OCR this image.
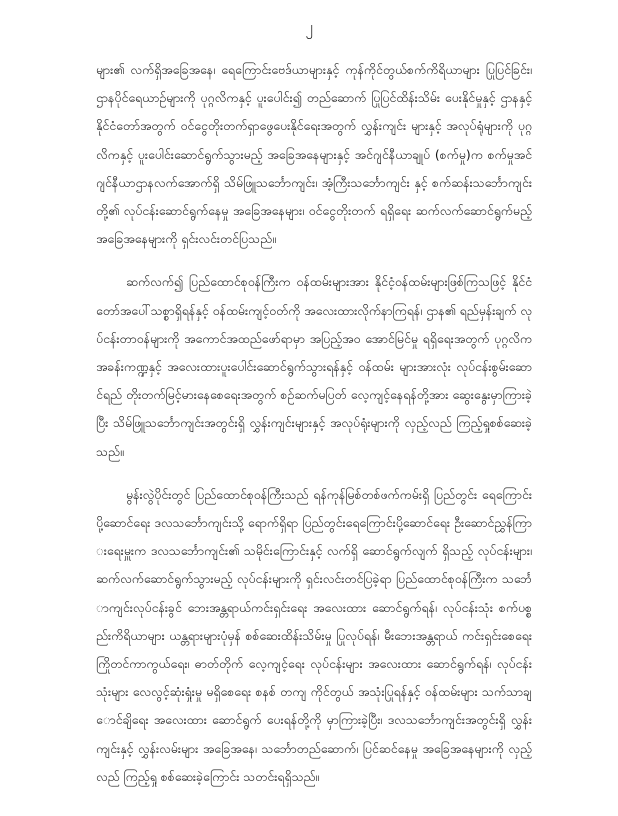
၂

များ၏ လက်ရှိအခြေအနေ၊ ရေကြောင်းဗေဒ်ယာများနှင့် ကုန်ကိုင်တွယ်စက်ကိရိယာများ ပြုပြင်ခြင်း၊ ဌာနပိုင်ရေယာဉ်များကို ပုဂ္ဂလိကနှင့် ပူးပေါင်း၍ တည်ဆောက် ပြုပြင်ထိန်းသိမ်း ပေးနိုင်မှုနှင့် ဌာနနှင့် နိုင်ငံတော်အတွက် ဝင်ငွေတိုးတက်ရှာဖွေပေးနိုင်ရေးအတွက် လွှန်းကျင်း များနှင့် အလုပ်ရုံများကို ပုဂ္ဂလိကနှင့် ပူးပေါင်းဆောင်ရွက်သွားမည့် အခြေအနေများနှင့် အင်ဂျင်နီယာချုပ် (စက်မှု)က စက်မှုအင်ဂျင်နီယာဌာနလက်အောက်ရှိ သိမ်ဖြူသင်္ဘောကျင်း၊ အံ့ကြီးသင်္ဘောကျင်း နှင့် စက်ဆန်းသင်္ဘောကျင်းတို့၏ လုပ်ငန်းဆောင်ရွက်နေမှု အခြေအနေများ၊ ဝင်ငွေတိုးတက် ရရှိရေး ဆက်လက်ဆောင်ရွက်မည့်အခြေအနေများကို ရှင်းလင်းတင်ပြသည်။

ဆက်လက်၍ ပြည်ထောင်စုဝန်ကြီးက ဝန်ထမ်းများအား နိုင်ငံ့ဝန်ထမ်းများဖြစ်ကြသဖြင့် နိုင်ငံတော်အပေါ်သစ္စာရှိရန်နှင့် ဝန်ထမ်းကျင့်ဝတ်ကို အလေးထားလိုက်နာကြရန်၊ ဌာန၏ ရည်မှန်းချက် လုပ်ငန်းတာဝန်များကို အကောင်အထည်ဖော်ရာမှာ အပြည့်အဝ အောင်မြင်မှု ရရှိရေးအတွက် ပုဂ္ဂလိကအခန်းကဏ္ဍနှင့် အလေးထားပူးပေါင်းဆောင်ရွက်သွားရန်နှင့် ဝန်ထမ်း များအားလုံး လုပ်ငန်းစွမ်းဆောင်ရည် တိုးတက်မြင့်မားနေစေရေးအတွက် စဉ်ဆက်မပြတ် လေ့ကျင့်နေရန်တို့အား ဆွေးနွေးမှာကြားခဲ့ပြီး သိမ်ဖြူသင်္ဘောကျင်းအတွင်းရှိ လွှန်းကျင်းများနှင့် အလုပ်ရုံးများကို လှည့်လည် ကြည့်ရှုစစ်ဆေးခဲ့သည်။

မွန်းလွဲပိုင်းတွင် ပြည်ထောင်စုဝန်ကြီးသည် ရန်ကုန်မြစ်တစ်ဖက်ကမ်းရှိ ပြည်တွင်း ရေကြောင်း ပို့ဆောင်ရေး ဒလသင်္ဘောကျင်းသို့ ရောက်ရှိရာ ပြည်တွင်းရေကြောင်းပို့ဆောင်ရေး ဦးဆောင်ညွှန်ကြားရေးမှူးက ဒလသင်္ဘောကျင်း၏ သမိုင်းကြောင်းနှင့် လက်ရှိ ဆောင်ရွက်လျက် ရှိသည့် လုပ်ငန်းများ၊ ဆက်လက်ဆောင်ရွက်သွားမည့် လုပ်ငန်းများကို ရှင်းလင်းတင်ပြခဲ့ရာ ပြည်ထောင်စုဝန်ကြီးက သင်္ဘောကျင်းလုပ်ငန်းခွင် ဘေးအန္တရာယ်ကင်းရှင်းရေး အလေးထား ဆောင်ရွက်ရန်၊ လုပ်ငန်းသုံး စက်ပစ္စည်းကိရိယာများ ယန္တရားများပုံမှန် စစ်ဆေးထိန်းသိမ်းမှု ပြုလုပ်ရန်၊ မီးဘေးအန္တရာယ် ကင်းရှင်းစေရေး ကြိုတင်ကာကွယ်ရေး၊ ဓာတ်တိုက် လေ့ကျင့်ရေး လုပ်ငန်းများ အလေးထား ဆောင်ရွက်ရန်၊ လုပ်ငန်းသုံးများ လေလွင့်ဆုံးရှုံးမှု မရှိစေရေး စနစ် တကျ ကိုင်တွယ် အသုံးပြုရန်နှင့် ဝန်ထမ်းများ သက်သာချောင်ချိရေး အလေးထား ဆောင်ရွက် ပေးရန်တို့ကို မှာကြားခဲ့ပြီး၊ ဒလသင်္ဘောကျင်းအတွင်းရှိ လွှန်းကျင်းနှင့် လွှန်းလမ်းများ အခြေအနေ၊ သင်္ဘောတည်ဆောက်၊ ပြင်ဆင်နေမှု အခြေအနေများကို လှည့်လည် ကြည့်ရှု စစ်ဆေးခဲ့ကြောင်း သတင်းရရှိသည်။
